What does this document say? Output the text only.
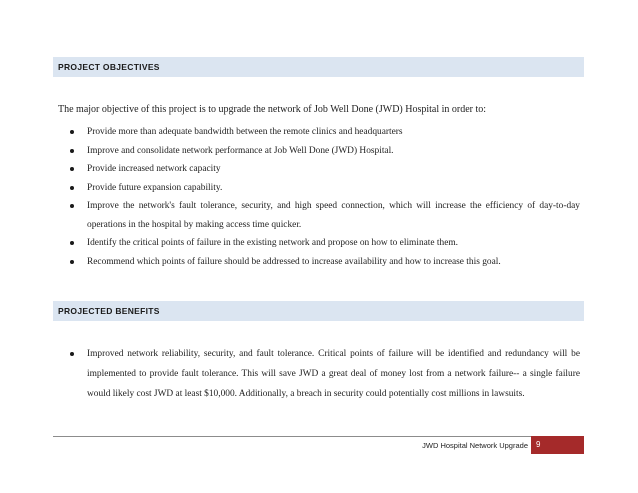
PROJECT OBJECTIVES
The major objective of this project is to upgrade the network of Job Well Done (JWD) Hospital in order to:
Provide more than adequate bandwidth between the remote clinics and headquarters
Improve and consolidate network performance at Job Well Done (JWD) Hospital.
Provide increased network capacity
Provide future expansion capability.
Improve the network's fault tolerance, security, and high speed connection, which will increase the efficiency of day-to-day operations in the hospital by making access time quicker.
Identify the critical points of failure in the existing network and propose on how to eliminate them.
Recommend which points of failure should be addressed to increase availability and how to increase this goal.
PROJECTED BENEFITS
Improved network reliability, security, and fault tolerance. Critical points of failure will be identified and redundancy will be implemented to provide fault tolerance. This will save JWD a great deal of money lost from a network failure-- a single failure would likely cost JWD at least $10,000. Additionally, a breach in security could potentially cost millions in lawsuits.
JWD Hospital Network Upgrade	9
